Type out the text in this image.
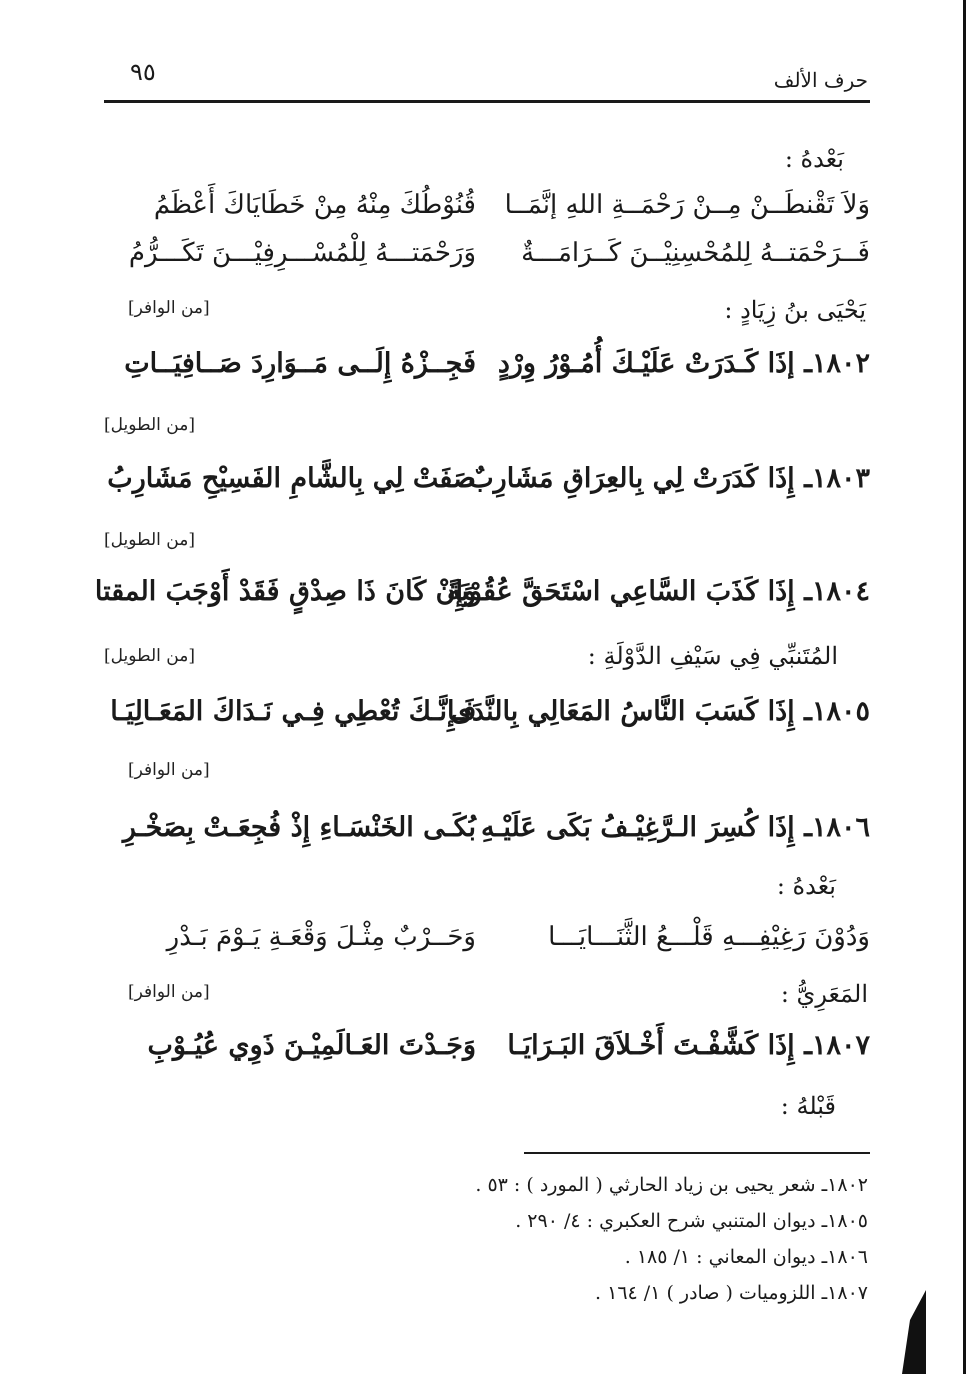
حرف الألف
٩٥
بَعْدهُ :
وَلاَ تَقْنطَــنْ مِــنْ رَحْمَــةِ اللهِ إنَّمَــا
قُنُوْطُكَ مِنْهُ مِنْ خَطَايَاكَ أَعْظَمُ
فَــرَحْمَتــهُ لِلمُحْسِنِيْــنَ كَــرَامَـــةٌ
وَرَحْمَتـــهُ لِلْمُسْـــرِفِيْـــنَ تَكَـــرُّمُ
يَحْيَى بنُ زِيَادٍ :
[من الوافر]
١٨٠٢ـ إذَا كَـدَرَتْ عَلَيْـكَ أُمُـوْرُ وِرْدٍ
فَجِــزْهُ إِلَــى مَــوَارِدَ صَــافِيَــاتِ
[من الطويل]
١٨٠٣ـ إِذَا كَدَرَتْ لِي بِالعِرَاقِ مَشَارِبٌ
صَفَتْ لِي بِالشَّامِ الفَسِيْحِ مَشَارِبُ
[من الطويل]
١٨٠٤ـ إِذَا كَذَبَ السَّاعِي اسْتَحَقَّ عُقُوْبَةً
وَإِنْ كَانَ ذَا صِدْقٍ فَقَدْ أَوْجَبَ المقتا
المُتَنبِّي فِي سَيْفِ الدَّوْلَةِ :
[من الطويل]
١٨٠٥ـ إِذَا كَسَبَ النَّاسُ المَعَالِي بِالنَّدَى
فَـإِنَّـكَ تُعْطِي فِـي نَـدَاكَ المَعَـالِيَـا
[من الوافر]
١٨٠٦ـ إِذَا كُسِرَ الـرَّغِيْـفُ بَكَى عَلَيْـهِ
بُكَـى الخَنْسَـاءِ إِذْ فُجِعَـتْ بِصَخْـرِ
بَعْدهُ :
وَدُوْنَ رَغِيْفِـــهِ قَلْـــعُ الثَّنَـــايَـــا
وَحَــرْبٌ مِثْـلَ وَقْعَـةِ يَـوْمَ بَـدْرِ
المَعَرِيُّ :
[من الوافر]
١٨٠٧ـ إِذَا كَشَّفْـتَ أَخْـلاَقَ البَـرَايَـا
وَجَـدْتَ العَـالَمِيْـنَ ذَوِي عُيُـوْبِ
قَبْلهُ :
١٨٠٢ـ شعر يحيى بن زياد الحارثي ( المورد ) : ٥٣ .
١٨٠٥ـ ديوان المتنبي شرح العكبري : ٤/ ٢٩٠ .
١٨٠٦ـ ديوان المعاني : ١/ ١٨٥ .
١٨٠٧ـ اللزوميات ( صادر ) ١/ ١٦٤ .
